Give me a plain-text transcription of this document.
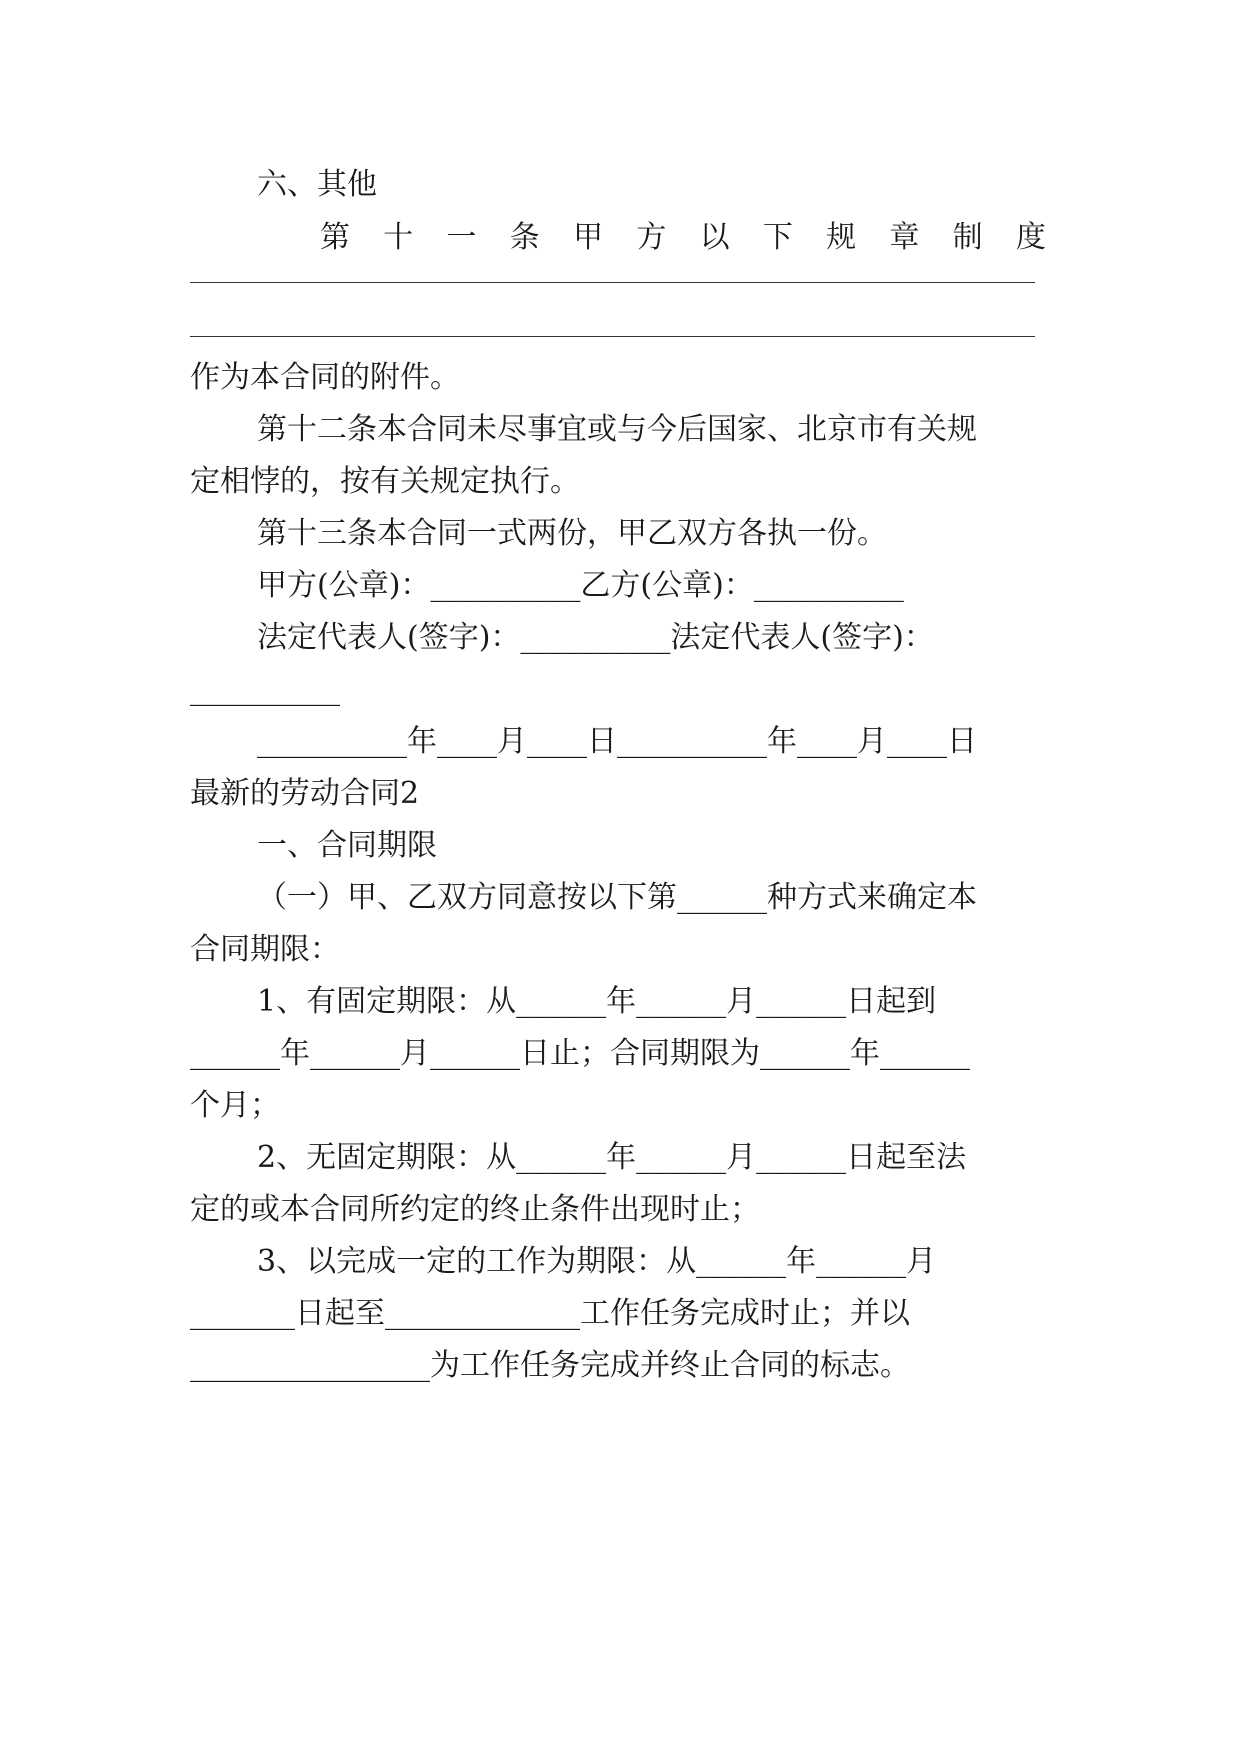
六、其他
第 十 一 条 甲 方 以 下 规 章 制 度
作为本合同的附件。
第十二条本合同未尽事宜或与今后国家、北京市有关规
定相悖的，按有关规定执行。
第十三条本合同一式两份，甲乙双方各执一份。
甲方(公章)：__________乙方(公章)：__________
法定代表人(签字)：__________法定代表人(签字)：
__________
__________年____月____日__________年____月____日
最新的劳动合同2
一、合同期限
（一）甲、乙双方同意按以下第______种方式来确定本
合同期限：
1、有固定期限：从______年______月______日起到
______年______月______日止；合同期限为______年______
个月；
2、无固定期限：从______年______月______日起至法
定的或本合同所约定的终止条件出现时止；
3、以完成一定的工作为期限：从______年______月
_______日起至_____________工作任务完成时止；并以
________________为工作任务完成并终止合同的标志。
